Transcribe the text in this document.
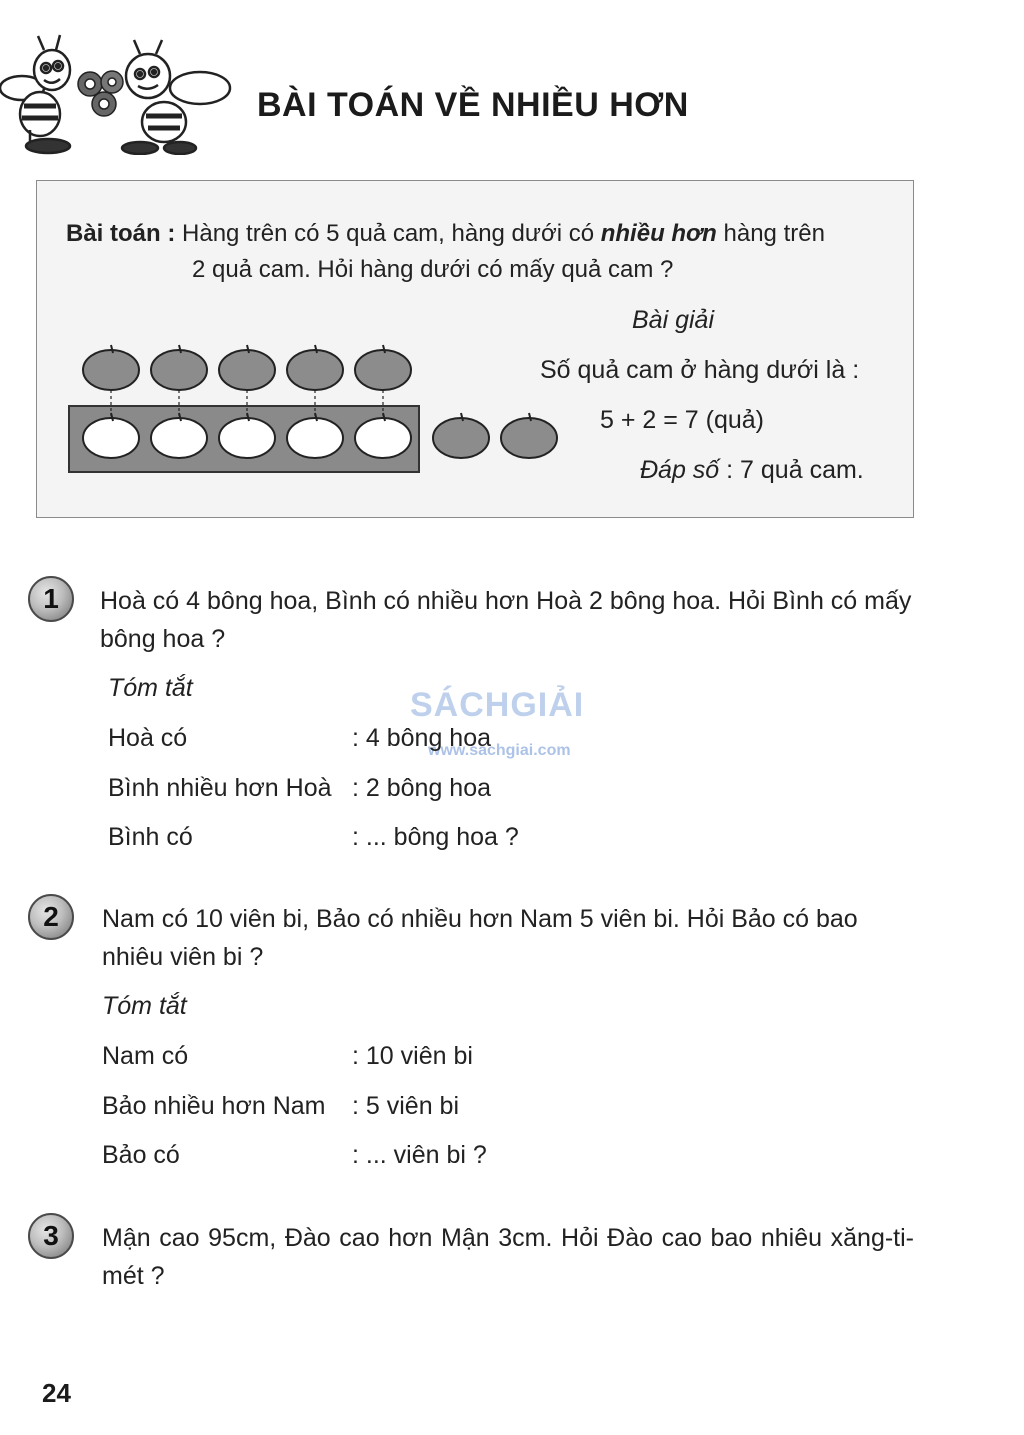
BÀI TOÁN VỀ NHIỀU HƠN
Bài toán : Hàng trên có 5 quả cam, hàng dưới có nhiều hơn hàng trên
2 quả cam. Hỏi hàng dưới có mấy quả cam ?
Bài giải
Số quả cam ở hàng dưới là :
5 + 2 = 7 (quả)
Đáp số : 7 quả cam.
SÁCHGIẢI
www.sachgiai.com
1	Hoà có 4 bông hoa, Bình có nhiều hơn Hoà 2 bông hoa. Hỏi Bình có mấy bông hoa ?
Tóm tắt
Hoà có	: 4 bông hoa
Bình nhiều hơn Hoà : 2 bông hoa
Bình có	: ... bông hoa ?
2	Nam có 10 viên bi, Bảo có nhiều hơn Nam 5 viên bi. Hỏi Bảo có bao nhiêu viên bi ?
Tóm tắt
Nam có	: 10 viên bi
Bảo nhiều hơn Nam : 5 viên bi
Bảo có	: ... viên bi ?
3	Mận cao 95cm, Đào cao hơn Mận 3cm. Hỏi Đào cao bao nhiêu xăng-ti-mét ?
24
